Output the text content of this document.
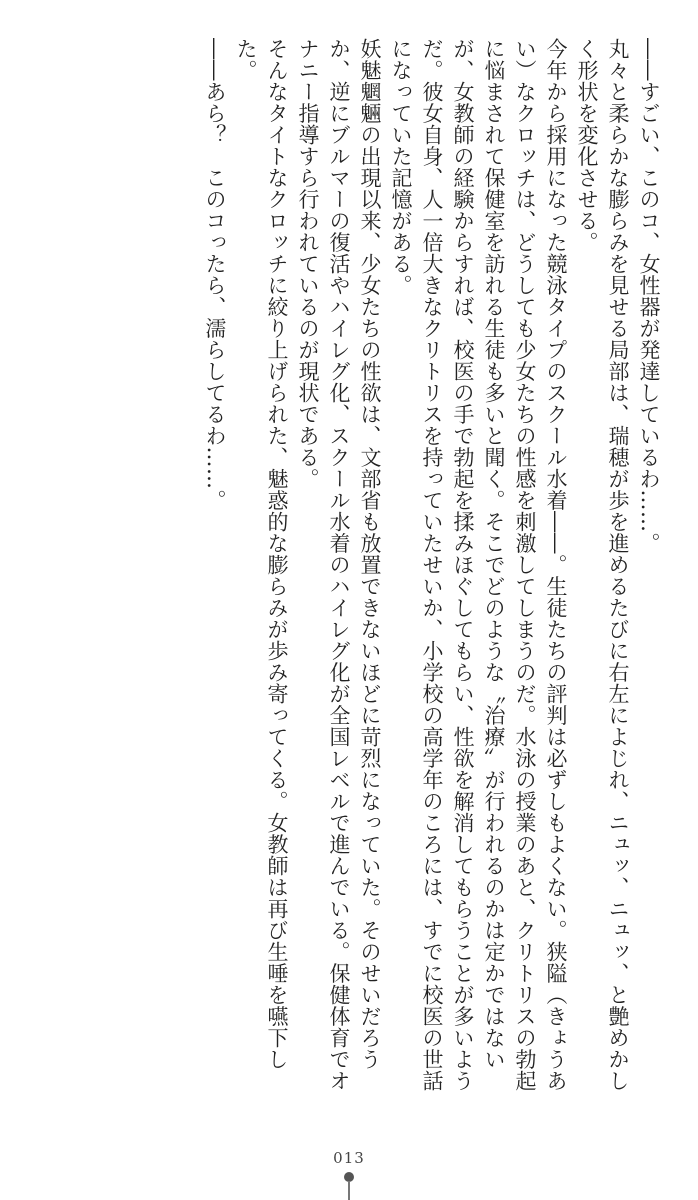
――すごい、このコ、女性器が発達しているわ……。

丸々と柔らかな膨らみを見せる局部は、瑞穂が歩を進めるたびに右左によじれ、ニュッ、ニュッ、と艶めかしく形状を変化させる。

今年から採用になった競泳タイプのスクール水着――。生徒たちの評判は必ずしもよくない。狭隘（きょうあい）なクロッチは、どうしても少女たちの性感を刺激してしまうのだ。水泳の授業のあと、クリトリスの勃起に悩まされて保健室を訪れる生徒も多いと聞く。そこでどのような〝治療〟が行われるのかは定かではないが、女教師の経験からすれば、校医の手で勃起を揉みほぐしてもらい、性欲を解消してもらうことが多いようだ。彼女自身、人一倍大きなクリトリスを持っていたせいか、小学校の高学年のころには、すでに校医の世話になっていた記憶がある。

妖魅魍魎の出現以来、少女たちの性欲は、文部省も放置できないほどに苛烈になっていた。そのせいだろうか、逆にブルマーの復活やハイレグ化、スクール水着のハイレグ化が全国レベルで進んでいる。保健体育でオナニー指導すら行われているのが現状である。

そんなタイトなクロッチに絞り上げられた、魅惑的な膨らみが歩み寄ってくる。女教師は再び生唾を嚥下した。

――あら？　このコったら、濡らしてるわ……。

013
